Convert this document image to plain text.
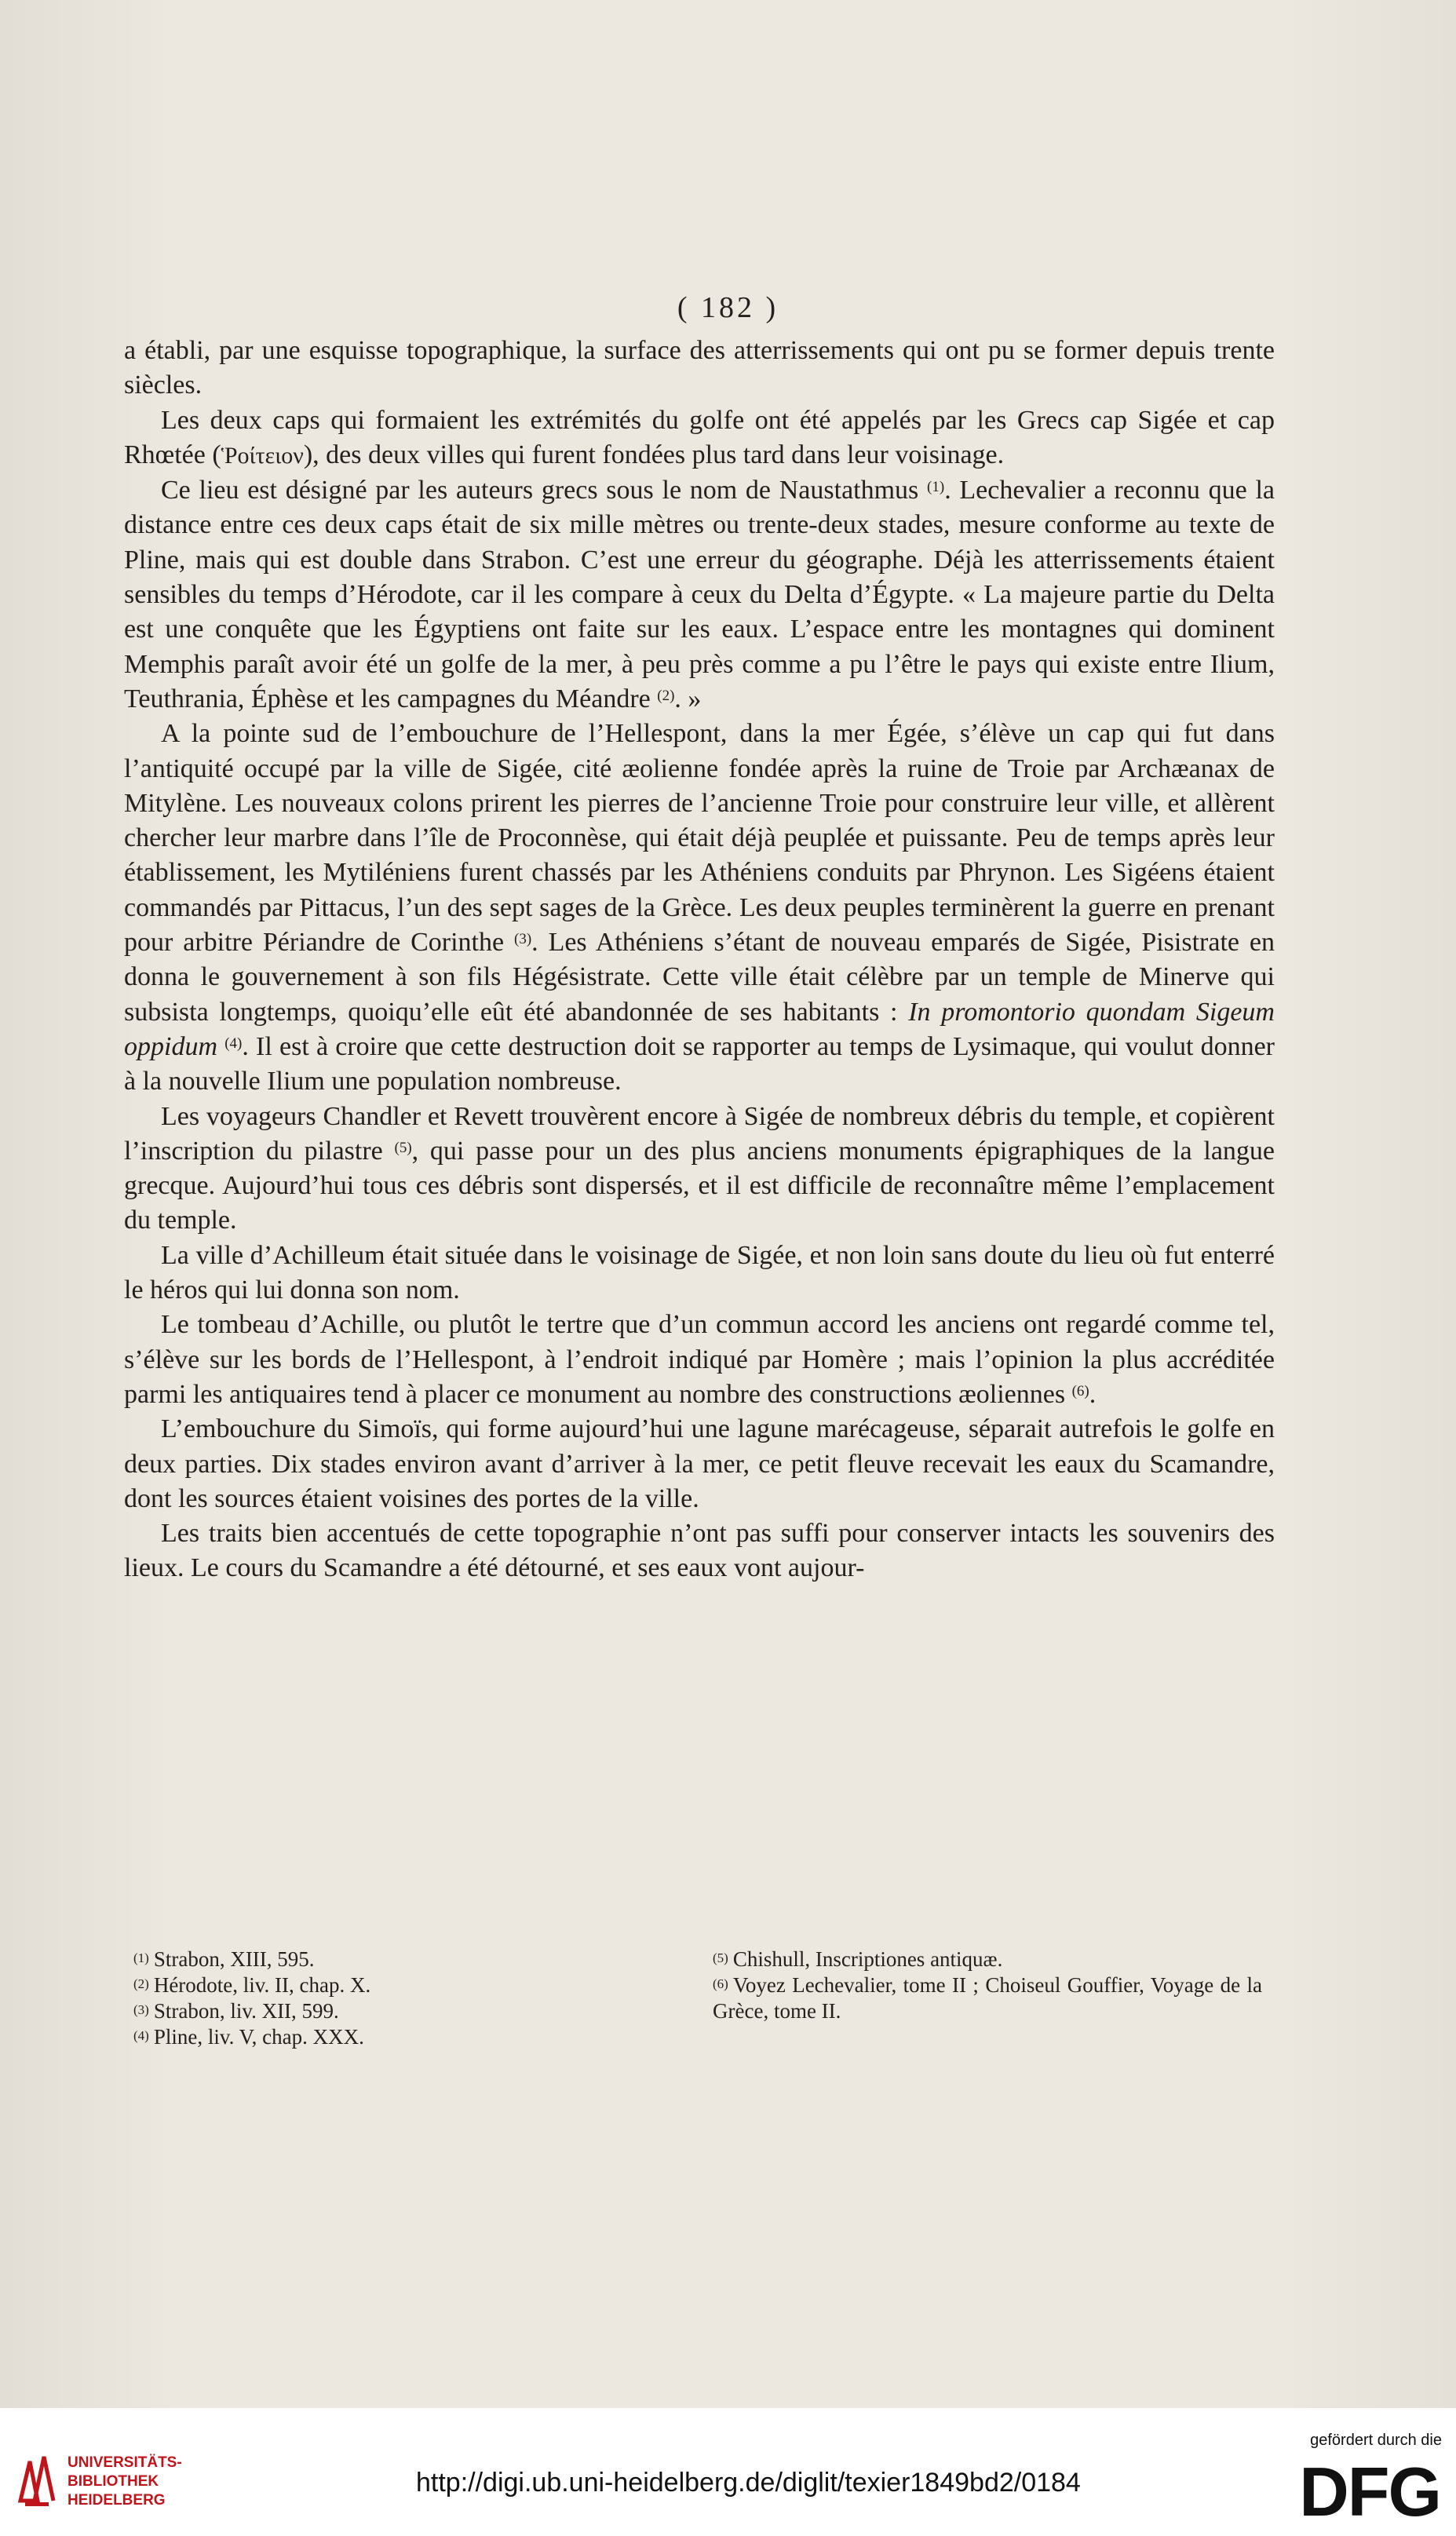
( 182 )

a établi, par une esquisse topographique, la surface des atterrissements qui ont pu se former depuis trente siècles.

Les deux caps qui formaient les extrémités du golfe ont été appelés par les Grecs cap Sigée et cap Rhœtée (Ῥοίτειον), des deux villes qui furent fondées plus tard dans leur voisinage.

Ce lieu est désigné par les auteurs grecs sous le nom de Naustathmus $^{(1)}$. Lechevalier a reconnu que la distance entre ces deux caps était de six mille mètres ou trente-deux stades, mesure conforme au texte de Pline, mais qui est double dans Strabon. C’est une erreur du géographe. Déjà les atterrissements étaient sensibles du temps d’Hérodote, car il les compare à ceux du Delta d’Égypte. « La majeure partie du Delta est une conquête que les Égyptiens ont faite sur les eaux. L’espace entre les montagnes qui dominent Memphis paraît avoir été un golfe de la mer, à peu près comme a pu l’être le pays qui existe entre Ilium, Teuthrania, Éphèse et les campagnes du Méandre $^{(2)}$. »

A la pointe sud de l’embouchure de l’Hellespont, dans la mer Égée, s’élève un cap qui fut dans l’antiquité occupé par la ville de Sigée, cité æolienne fondée après la ruine de Troie par Archæanax de Mitylène. Les nouveaux colons prirent les pierres de l’ancienne Troie pour construire leur ville, et allèrent chercher leur marbre dans l’île de Proconnèse, qui était déjà peuplée et puissante. Peu de temps après leur établissement, les Mytiléniens furent chassés par les Athéniens conduits par Phrynon. Les Sigéens étaient commandés par Pittacus, l’un des sept sages de la Grèce. Les deux peuples terminèrent la guerre en prenant pour arbitre Périandre de Corinthe $^{(3)}$. Les Athéniens s’étant de nouveau emparés de Sigée, Pisistrate en donna le gouvernement à son fils Hégésistrate. Cette ville était célèbre par un temple de Minerve qui subsista longtemps, quoiqu’elle eût été abandonnée de ses habitants : In promontorio quondam Sigeum oppidum $^{(4)}$. Il est à croire que cette destruction doit se rapporter au temps de Lysimaque, qui voulut donner à la nouvelle Ilium une population nombreuse.

Les voyageurs Chandler et Revett trouvèrent encore à Sigée de nombreux débris du temple, et copièrent l’inscription du pilastre $^{(5)}$, qui passe pour un des plus anciens monuments épigraphiques de la langue grecque. Aujourd’hui tous ces débris sont dispersés, et il est difficile de reconnaître même l’emplacement du temple.

La ville d’Achilleum était située dans le voisinage de Sigée, et non loin sans doute du lieu où fut enterré le héros qui lui donna son nom.

Le tombeau d’Achille, ou plutôt le tertre que d’un commun accord les anciens ont regardé comme tel, s’élève sur les bords de l’Hellespont, à l’endroit indiqué par Homère ; mais l’opinion la plus accréditée parmi les antiquaires tend à placer ce monument au nombre des constructions æoliennes $^{(6)}$.

L’embouchure du Simoïs, qui forme aujourd’hui une lagune marécageuse, séparait autrefois le golfe en deux parties. Dix stades environ avant d’arriver à la mer, ce petit fleuve recevait les eaux du Scamandre, dont les sources étaient voisines des portes de la ville.

Les traits bien accentués de cette topographie n’ont pas suffi pour conserver intacts les souvenirs des lieux. Le cours du Scamandre a été détourné, et ses eaux vont aujour-

$^{(1)}$ Strabon, XIII, 595.

$^{(2)}$ Hérodote, liv. II, chap. X.

$^{(3)}$ Strabon, liv. XII, 599.

$^{(4)}$ Pline, liv. V, chap. XXX.

$^{(5)}$ Chishull, Inscriptiones antiquæ.

$^{(6)}$ Voyez Lechevalier, tome II ; Choiseul Gouffier, Voyage de la Grèce, tome II.

UNIVERSITÄTS-
BIBLIOTHEK
HEIDELBERG
http://digi.ub.uni-heidelberg.de/diglit/texier1849bd2/0184
gefördert durch die
DFG
